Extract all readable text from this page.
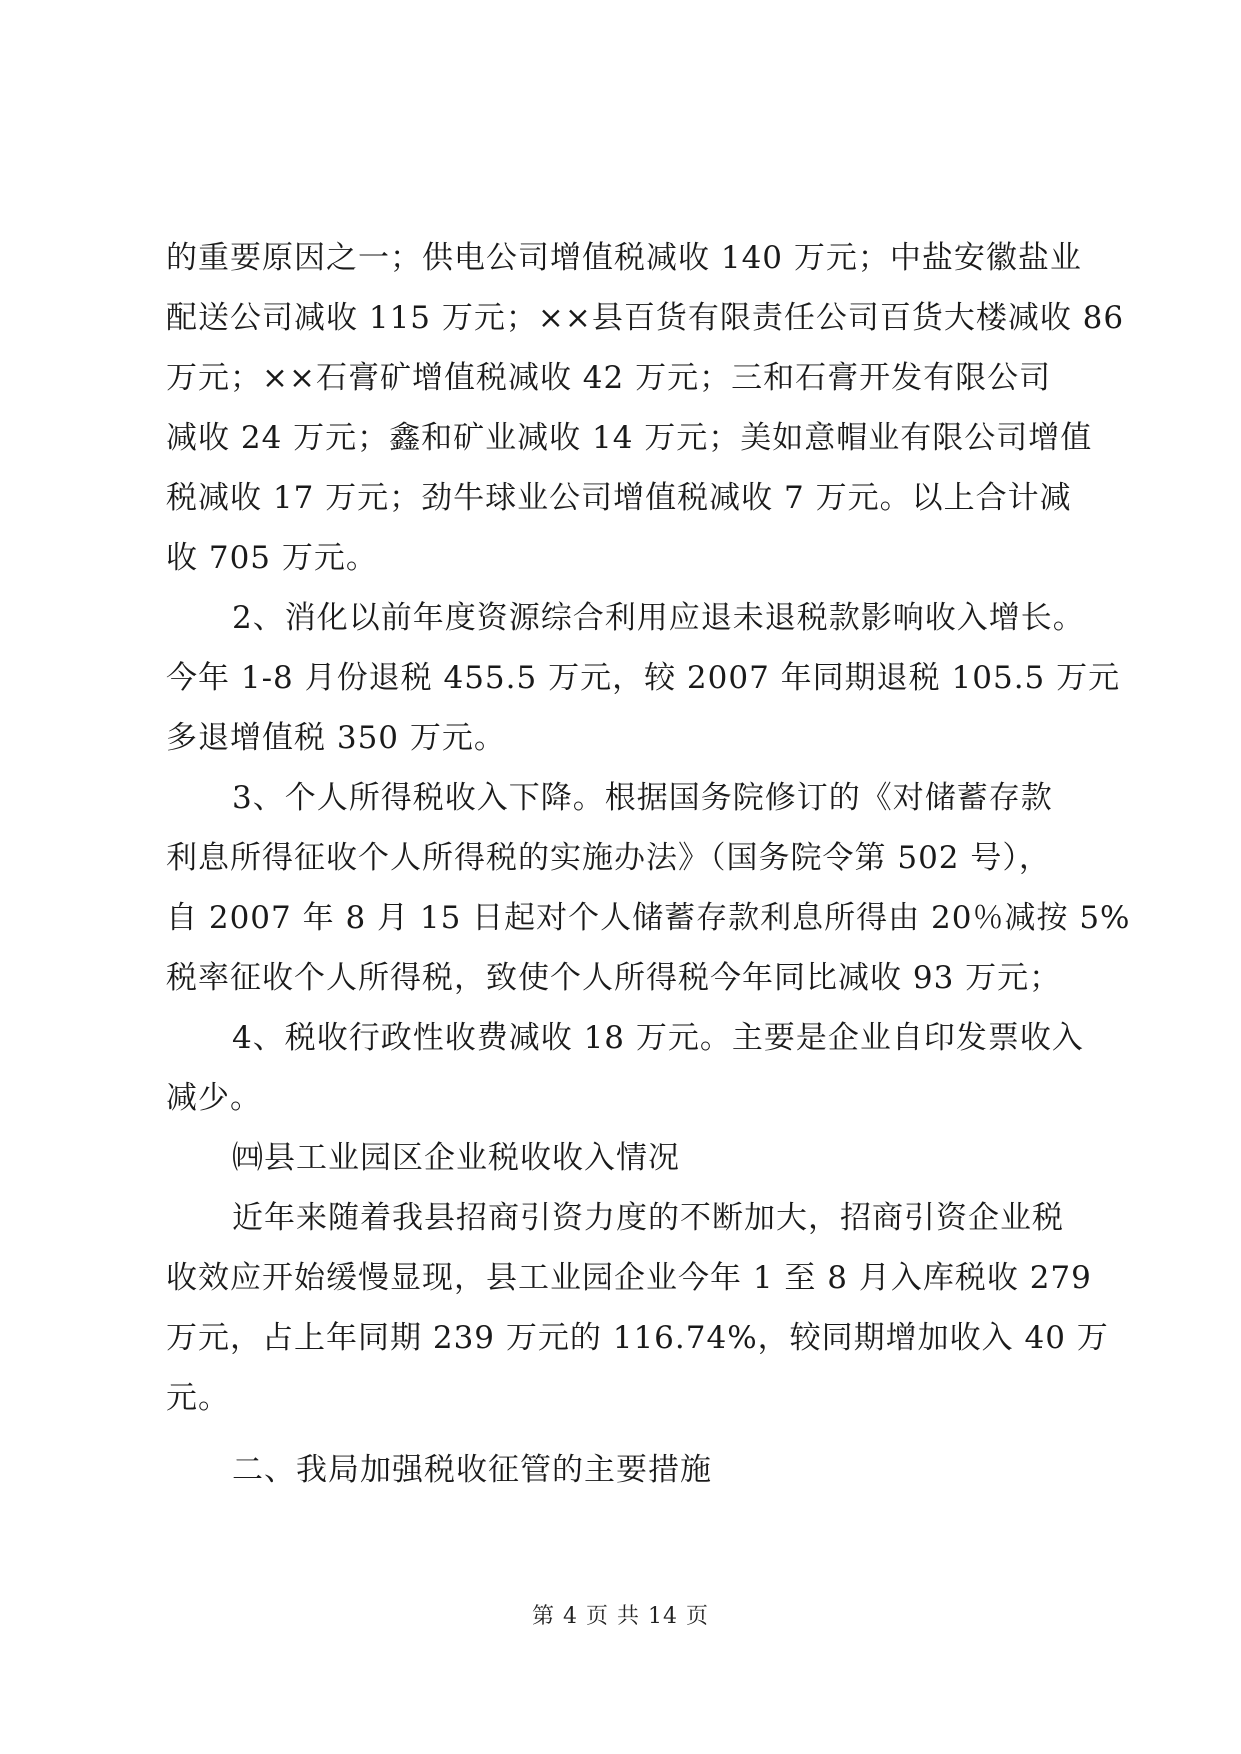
的重要原因之一；供电公司增值税减收 140 万元；中盐安徽盐业
配送公司减收 115 万元；××县百货有限责任公司百货大楼减收 86
万元；××石膏矿增值税减收 42 万元；三和石膏开发有限公司
减收 24 万元；鑫和矿业减收 14 万元；美如意帽业有限公司增值
税减收 17 万元；劲牛球业公司增值税减收 7 万元。以上合计减
收 705 万元。
2、消化以前年度资源综合利用应退未退税款影响收入增长。
今年 1-8 月份退税 455.5 万元，较 2007 年同期退税 105.5 万元
多退增值税 350 万元。
3、个人所得税收入下降。根据国务院修订的《对储蓄存款
利息所得征收个人所得税的实施办法》（国务院令第 502 号），
自 2007 年 8 月 15 日起对个人储蓄存款利息所得由 20％减按 5%
税率征收个人所得税，致使个人所得税今年同比减收 93 万元；
4、税收行政性收费减收 18 万元。主要是企业自印发票收入
减少。
㈣县工业园区企业税收收入情况
近年来随着我县招商引资力度的不断加大，招商引资企业税
收效应开始缓慢显现，县工业园企业今年 1 至 8 月入库税收 279
万元，占上年同期 239 万元的 116.74%，较同期增加收入 40 万
元。
二、我局加强税收征管的主要措施
第 4 页 共 14 页
